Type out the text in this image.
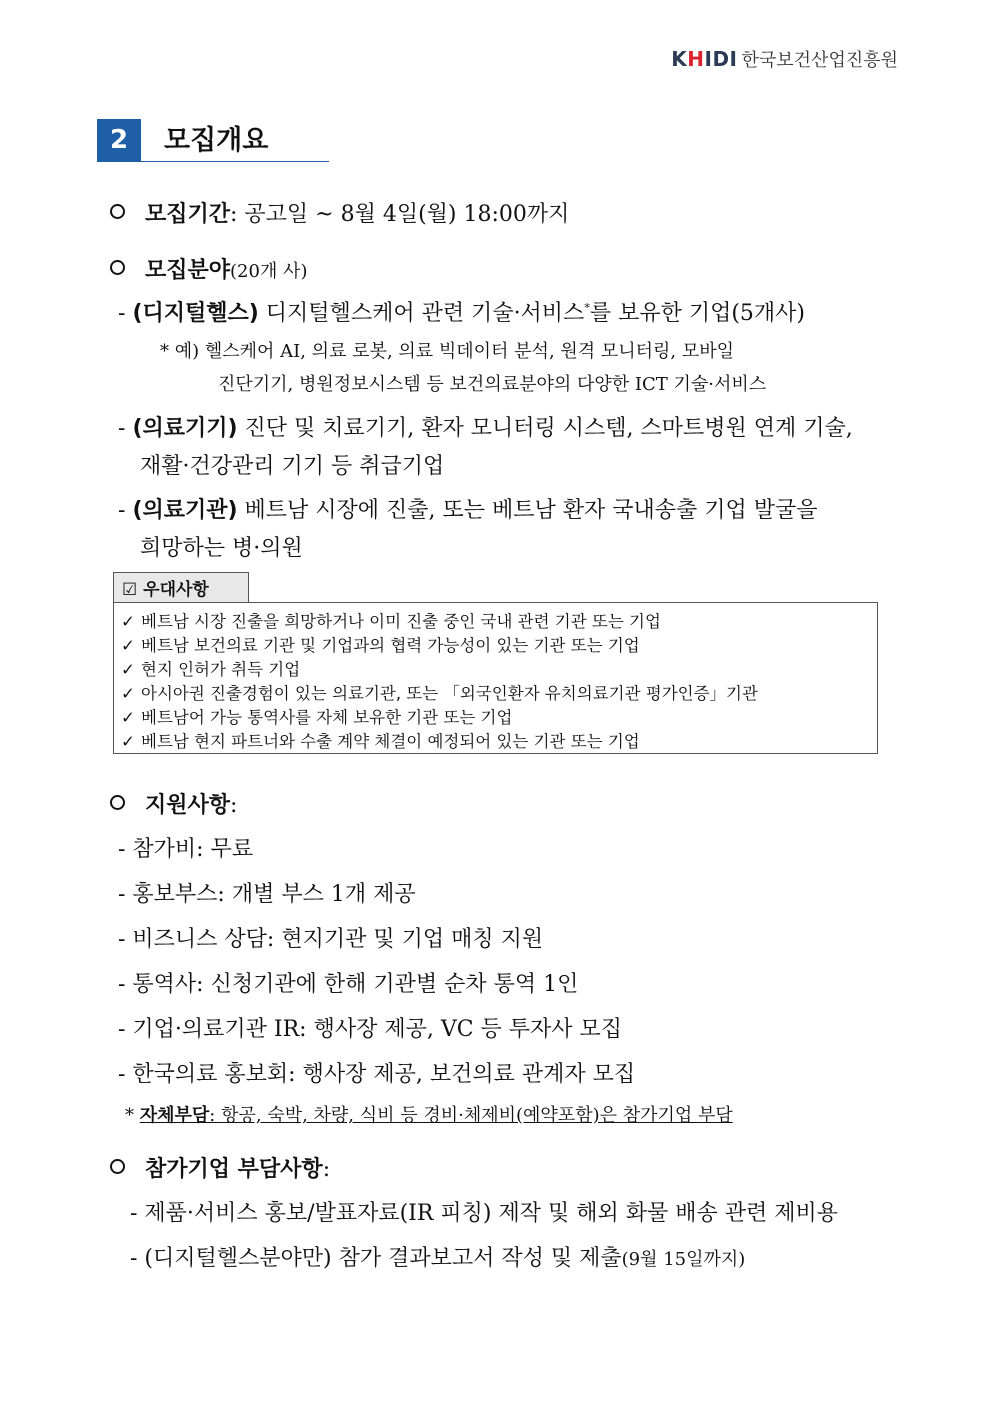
KHIDI 한국보건산업진흥원
2	모집개요
모집기간: 공고일 ~ 8월 4일(월) 18:00까지
모집분야(20개 사)
- (디지털헬스) 디지털헬스케어 관련 기술·서비스*를 보유한 기업(5개사)
* 예) 헬스케어 AI, 의료 로봇, 의료 빅데이터 분석, 원격 모니터링, 모바일
진단기기, 병원정보시스템 등 보건의료분야의 다양한 ICT 기술·서비스
- (의료기기) 진단 및 치료기기, 환자 모니터링 시스템, 스마트병원 연계 기술,
재활·건강관리 기기 등 취급기업
- (의료기관) 베트남 시장에 진출, 또는 베트남 환자 국내송출 기업 발굴을
희망하는 병·의원
☑ 우대사항
✓ 베트남 시장 진출을 희망하거나 이미 진출 중인 국내 관련 기관 또는 기업
✓ 베트남 보건의료 기관 및 기업과의 협력 가능성이 있는 기관 또는 기업
✓ 현지 인허가 취득 기업
✓ 아시아권 진출경험이 있는 의료기관, 또는 「외국인환자 유치의료기관 평가인증」기관
✓ 베트남어 가능 통역사를 자체 보유한 기관 또는 기업
✓ 베트남 현지 파트너와 수출 계약 체결이 예정되어 있는 기관 또는 기업
지원사항:
- 참가비: 무료
- 홍보부스: 개별 부스 1개 제공
- 비즈니스 상담: 현지기관 및 기업 매칭 지원
- 통역사: 신청기관에 한해 기관별 순차 통역 1인
- 기업·의료기관 IR: 행사장 제공, VC 등 투자사 모집
- 한국의료 홍보회: 행사장 제공, 보건의료 관계자 모집
* 자체부담: 항공, 숙박, 차량, 식비 등 경비·체제비(예약포함)은 참가기업 부담
참가기업 부담사항:
- 제품·서비스 홍보/발표자료(IR 피칭) 제작 및 해외 화물 배송 관련 제비용
- (디지털헬스분야만) 참가 결과보고서 작성 및 제출(9월 15일까지)
